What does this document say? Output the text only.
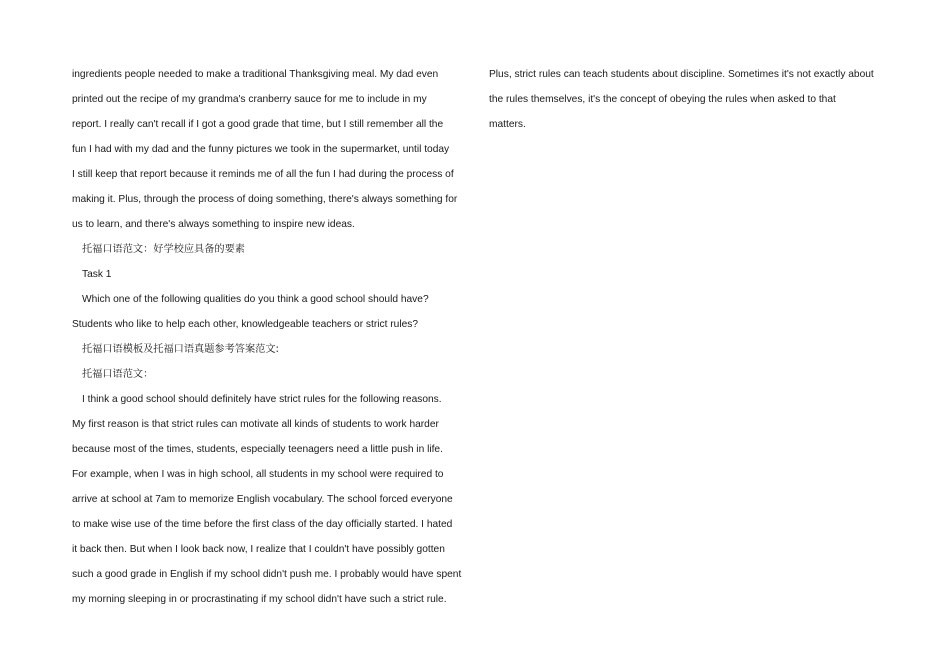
ingredients people needed to make a traditional Thanksgiving meal. My dad even
printed out the recipe of my grandma's cranberry sauce for me to include in my
report. I really can't recall if I got a good grade that time, but I still remember all the
fun I had with my dad and the funny pictures we took in the supermarket, until today
I still keep that report because it reminds me of all the fun I had during the process of
making it. Plus, through the process of doing something, there's always something for
us to learn, and there's always something to inspire new ideas.
托福口语范文：好学校应具备的要素
Task 1
Which one of the following qualities do you think a good school should have?
Students who like to help each other, knowledgeable teachers or strict rules?
托福口语模板及托福口语真题参考答案范文:
托福口语范文：
I think a good school should definitely have strict rules for the following reasons.
My first reason is that strict rules can motivate all kinds of students to work harder
because most of the times, students, especially teenagers need a little push in life.
For example, when I was in high school, all students in my school were required to
arrive at school at 7am to memorize English vocabulary. The school forced everyone
to make wise use of the time before the first class of the day officially started. I hated
it back then. But when I look back now, I realize that I couldn't have possibly gotten
such a good grade in English if my school didn't push me. I probably would have spent
my morning sleeping in or procrastinating if my school didn't have such a strict rule.
Plus, strict rules can teach students about discipline. Sometimes it's not exactly about
the rules themselves, it's the concept of obeying the rules when asked to that
matters.
